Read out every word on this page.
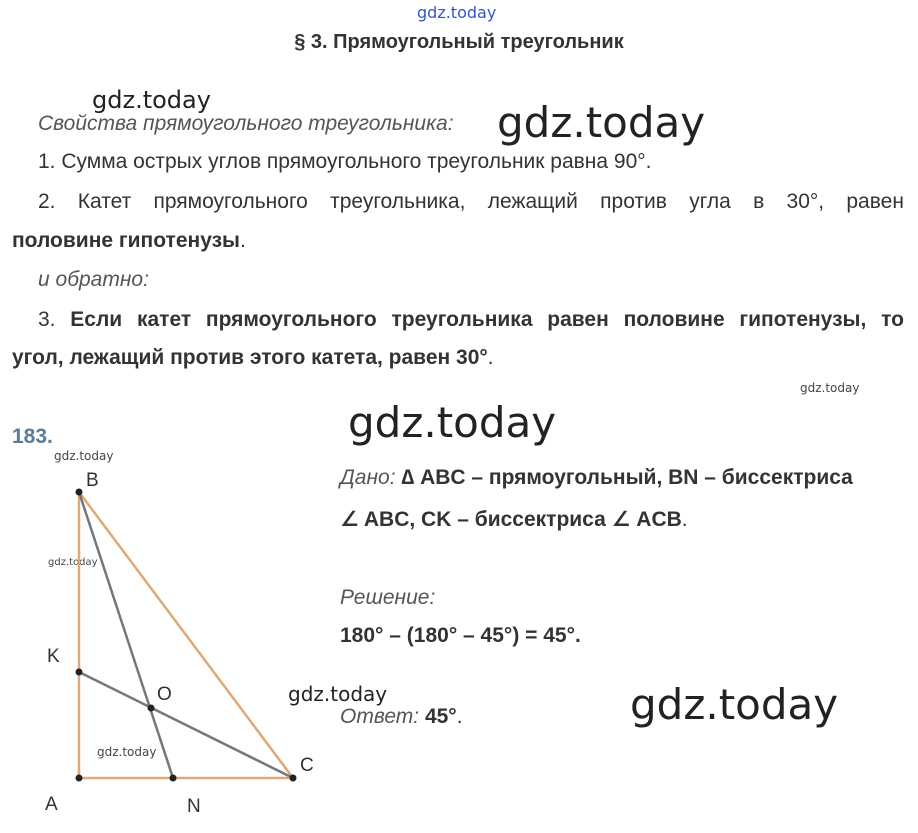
gdz.today
gdz.today	gdz.today
gdz.today
gdz.today
gdz.today
gdz.today
gdz.today	gdz.today
gdz.today
§ 3. Прямоугольный треугольник
Свойства прямоугольного треугольника:
1. Сумма острых углов прямоугольного треугольник равна 90°.
2. Катет прямоугольного треугольника, лежащий против угла в 30°, равен
половине гипотенузы.
и обратно:
3. Если катет прямоугольного треугольника равен половине гипотенузы, то
угол, лежащий против этого катета, равен 30°.
183.
Дано: ∆ ABC – прямоугольный, BN – биссектриса
∠ ABC, CK – биссектриса ∠ ACB.
Решение:
180° – (180° – 45°) = 45°.
Ответ: 45°.
B
K
A	N
C
O
